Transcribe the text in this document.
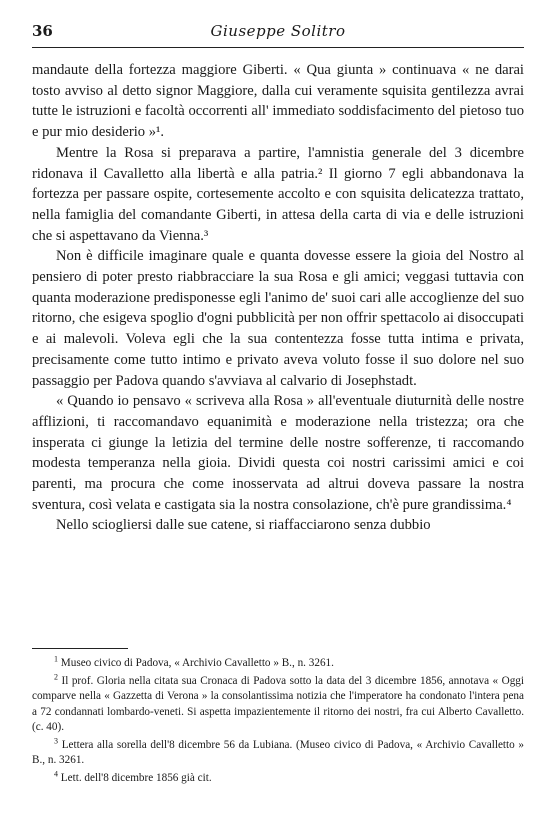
36	Giuseppe Solitro

mandaute della fortezza maggiore Giberti. « Qua giunta » continuava « ne darai tosto avviso al detto signor Maggiore, dalla cui veramente squisita gentilezza avrai tutte le istruzioni e facoltà occorrenti all' immediato soddisfacimento del pietoso tuo e pur mio desiderio »¹.

Mentre la Rosa si preparava a partire, l'amnistia generale del 3 dicembre ridonava il Cavalletto alla libertà e alla patria.² Il giorno 7 egli abbandonava la fortezza per passare ospite, cortesemente accolto e con squisita delicatezza trattato, nella famiglia del comandante Giberti, in attesa della carta di via e delle istruzioni che si aspettavano da Vienna.³

Non è difficile imaginare quale e quanta dovesse essere la gioia del Nostro al pensiero di poter presto riabbracciare la sua Rosa e gli amici; veggasi tuttavia con quanta moderazione predisponesse egli l'animo de' suoi cari alle accoglienze del suo ritorno, che esigeva spoglio d'ogni pubblicità per non offrir spettacolo ai disoccupati e ai malevoli. Voleva egli che la sua contentezza fosse tutta intima e privata, precisamente come tutto intimo e privato aveva voluto fosse il suo dolore nel suo passaggio per Padova quando s'avviava al calvario di Josephstadt.

« Quando io pensavo « scriveva alla Rosa » all'eventuale diuturnità delle nostre afflizioni, ti raccomandavo equanimità e moderazione nella tristezza; ora che insperata ci giunge la letizia del termine delle nostre sofferenze, ti raccomando modesta temperanza nella gioia. Dividi questa coi nostri carissimi amici e coi parenti, ma procura che come inosservata ad altrui doveva passare la nostra sventura, così velata e castigata sia la nostra consolazione, ch'è pure grandissima.⁴

Nello sciogliersi dalle sue catene, si riaffacciarono senza dubbio

$^1$ Museo civico di Padova, « Archivio Cavalletto » B., n. 3261.

$^2$ Il prof. Gloria nella citata sua Cronaca di Padova sotto la data del 3 dicembre 1856, annotava « Oggi comparve nella « Gazzetta di Verona » la consolantissima notizia che l'imperatore ha condonato l'intera pena a 72 condannati lombardo-veneti. Si aspetta impazientemente il ritorno dei nostri, fra cui Alberto Cavalletto. (c. 40).

$^3$ Lettera alla sorella dell'8 dicembre 56 da Lubiana. (Museo civico di Padova, « Archivio Cavalletto » B., n. 3261.

$^4$ Lett. dell'8 dicembre 1856 già cit.
